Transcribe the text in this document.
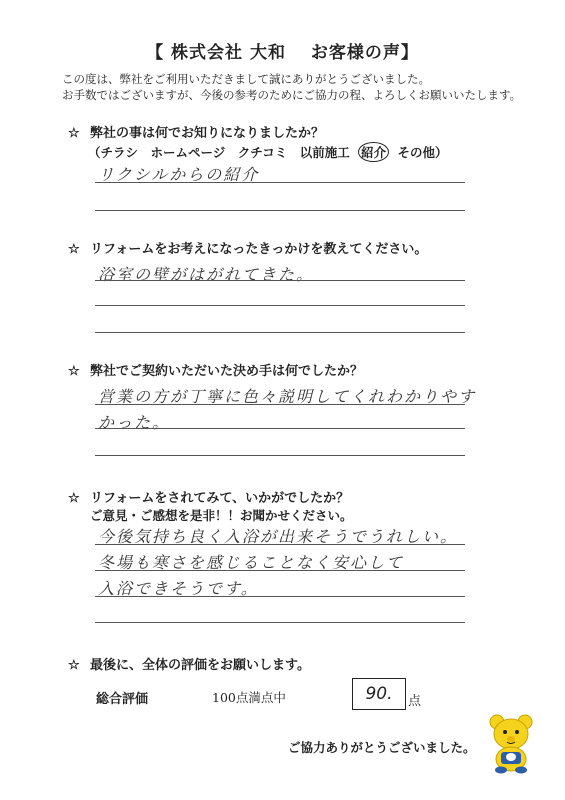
【 株式会社 大和　 お客様の声】
この度は、弊社をご利用いただきまして誠にありがとうございました。
お手数ではございますが、今後の参考のためにご協力の程、よろしくお願いいたします。
☆ 弊社の事は何でお知りになりましたか？
（チラシ　ホームページ　クチコミ　以前施工 紹介 その他）
リクシルからの紹介
☆ リフォームをお考えになったきっかけを教えてください。
浴室の壁がはがれてきた。
☆ 弊社でご契約いただいた決め手は何でしたか？
営業の方が丁寧に色々説明してくれわかりやす
かった。
☆ リフォームをされてみて、いかがでしたか？
ご意見・ご感想を是非！！お聞かせください。
今後気持ち良く入浴が出来そうでうれしい。
冬場も寒さを感じることなく安心して
入浴できそうです。
☆ 最後に、全体の評価をお願いします。
総合評価	100点満点中	90.	点
ご協力ありがとうございました。
